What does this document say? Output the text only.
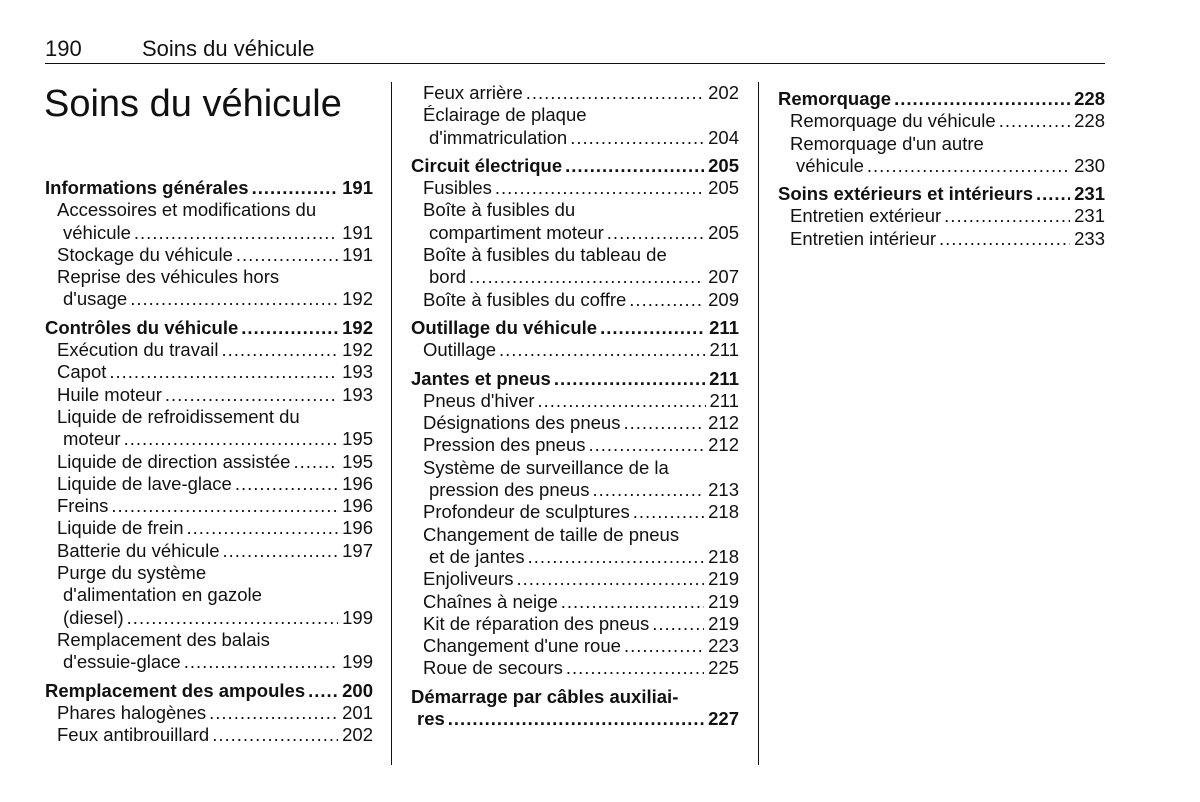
190	Soins du véhicule
Soins du véhicule
Informations générales .....	191
Accessoires et modifications du
véhicule .....	191
Stockage du véhicule .....	191
Reprise des véhicules hors
d'usage .....	192
Contrôles du véhicule .....	192
Exécution du travail .....	192
Capot .....	193
Huile moteur .....	193
Liquide de refroidissement du
moteur .....	195
Liquide de direction assistée .....	195
Liquide de lave-glace .....	196
Freins .....	196
Liquide de frein .....	196
Batterie du véhicule .....	197
Purge du système
d'alimentation en gazole
(diesel) .....	199
Remplacement des balais
d'essuie-glace .....	199
Remplacement des ampoules ..... 200
Phares halogènes .....	201
Feux antibrouillard .....	202
Feux arrière .....	202
Éclairage de plaque
d'immatriculation .....	204
Circuit électrique .....	205
Fusibles .....	205
Boîte à fusibles du
compartiment moteur .....	205
Boîte à fusibles du tableau de
bord .....	207
Boîte à fusibles du coffre .....	209
Outillage du véhicule .....	211
Outillage .....	211
Jantes et pneus .....	211
Pneus d'hiver .....	211
Désignations des pneus .....	212
Pression des pneus .....	212
Système de surveillance de la
pression des pneus .....	213
Profondeur de sculptures .....	218
Changement de taille de pneus
et de jantes .....	218
Enjoliveurs .....	219
Chaînes à neige .....	219
Kit de réparation des pneus .....	219
Changement d'une roue .....	223
Roue de secours .....	225
Démarrage par câbles auxiliai-
res .....	227
Remorquage .....	228
Remorquage du véhicule .....	228
Remorquage d'un autre
véhicule .....	230
Soins extérieurs et intérieurs ..... 231
Entretien extérieur .....	231
Entretien intérieur .....	233
